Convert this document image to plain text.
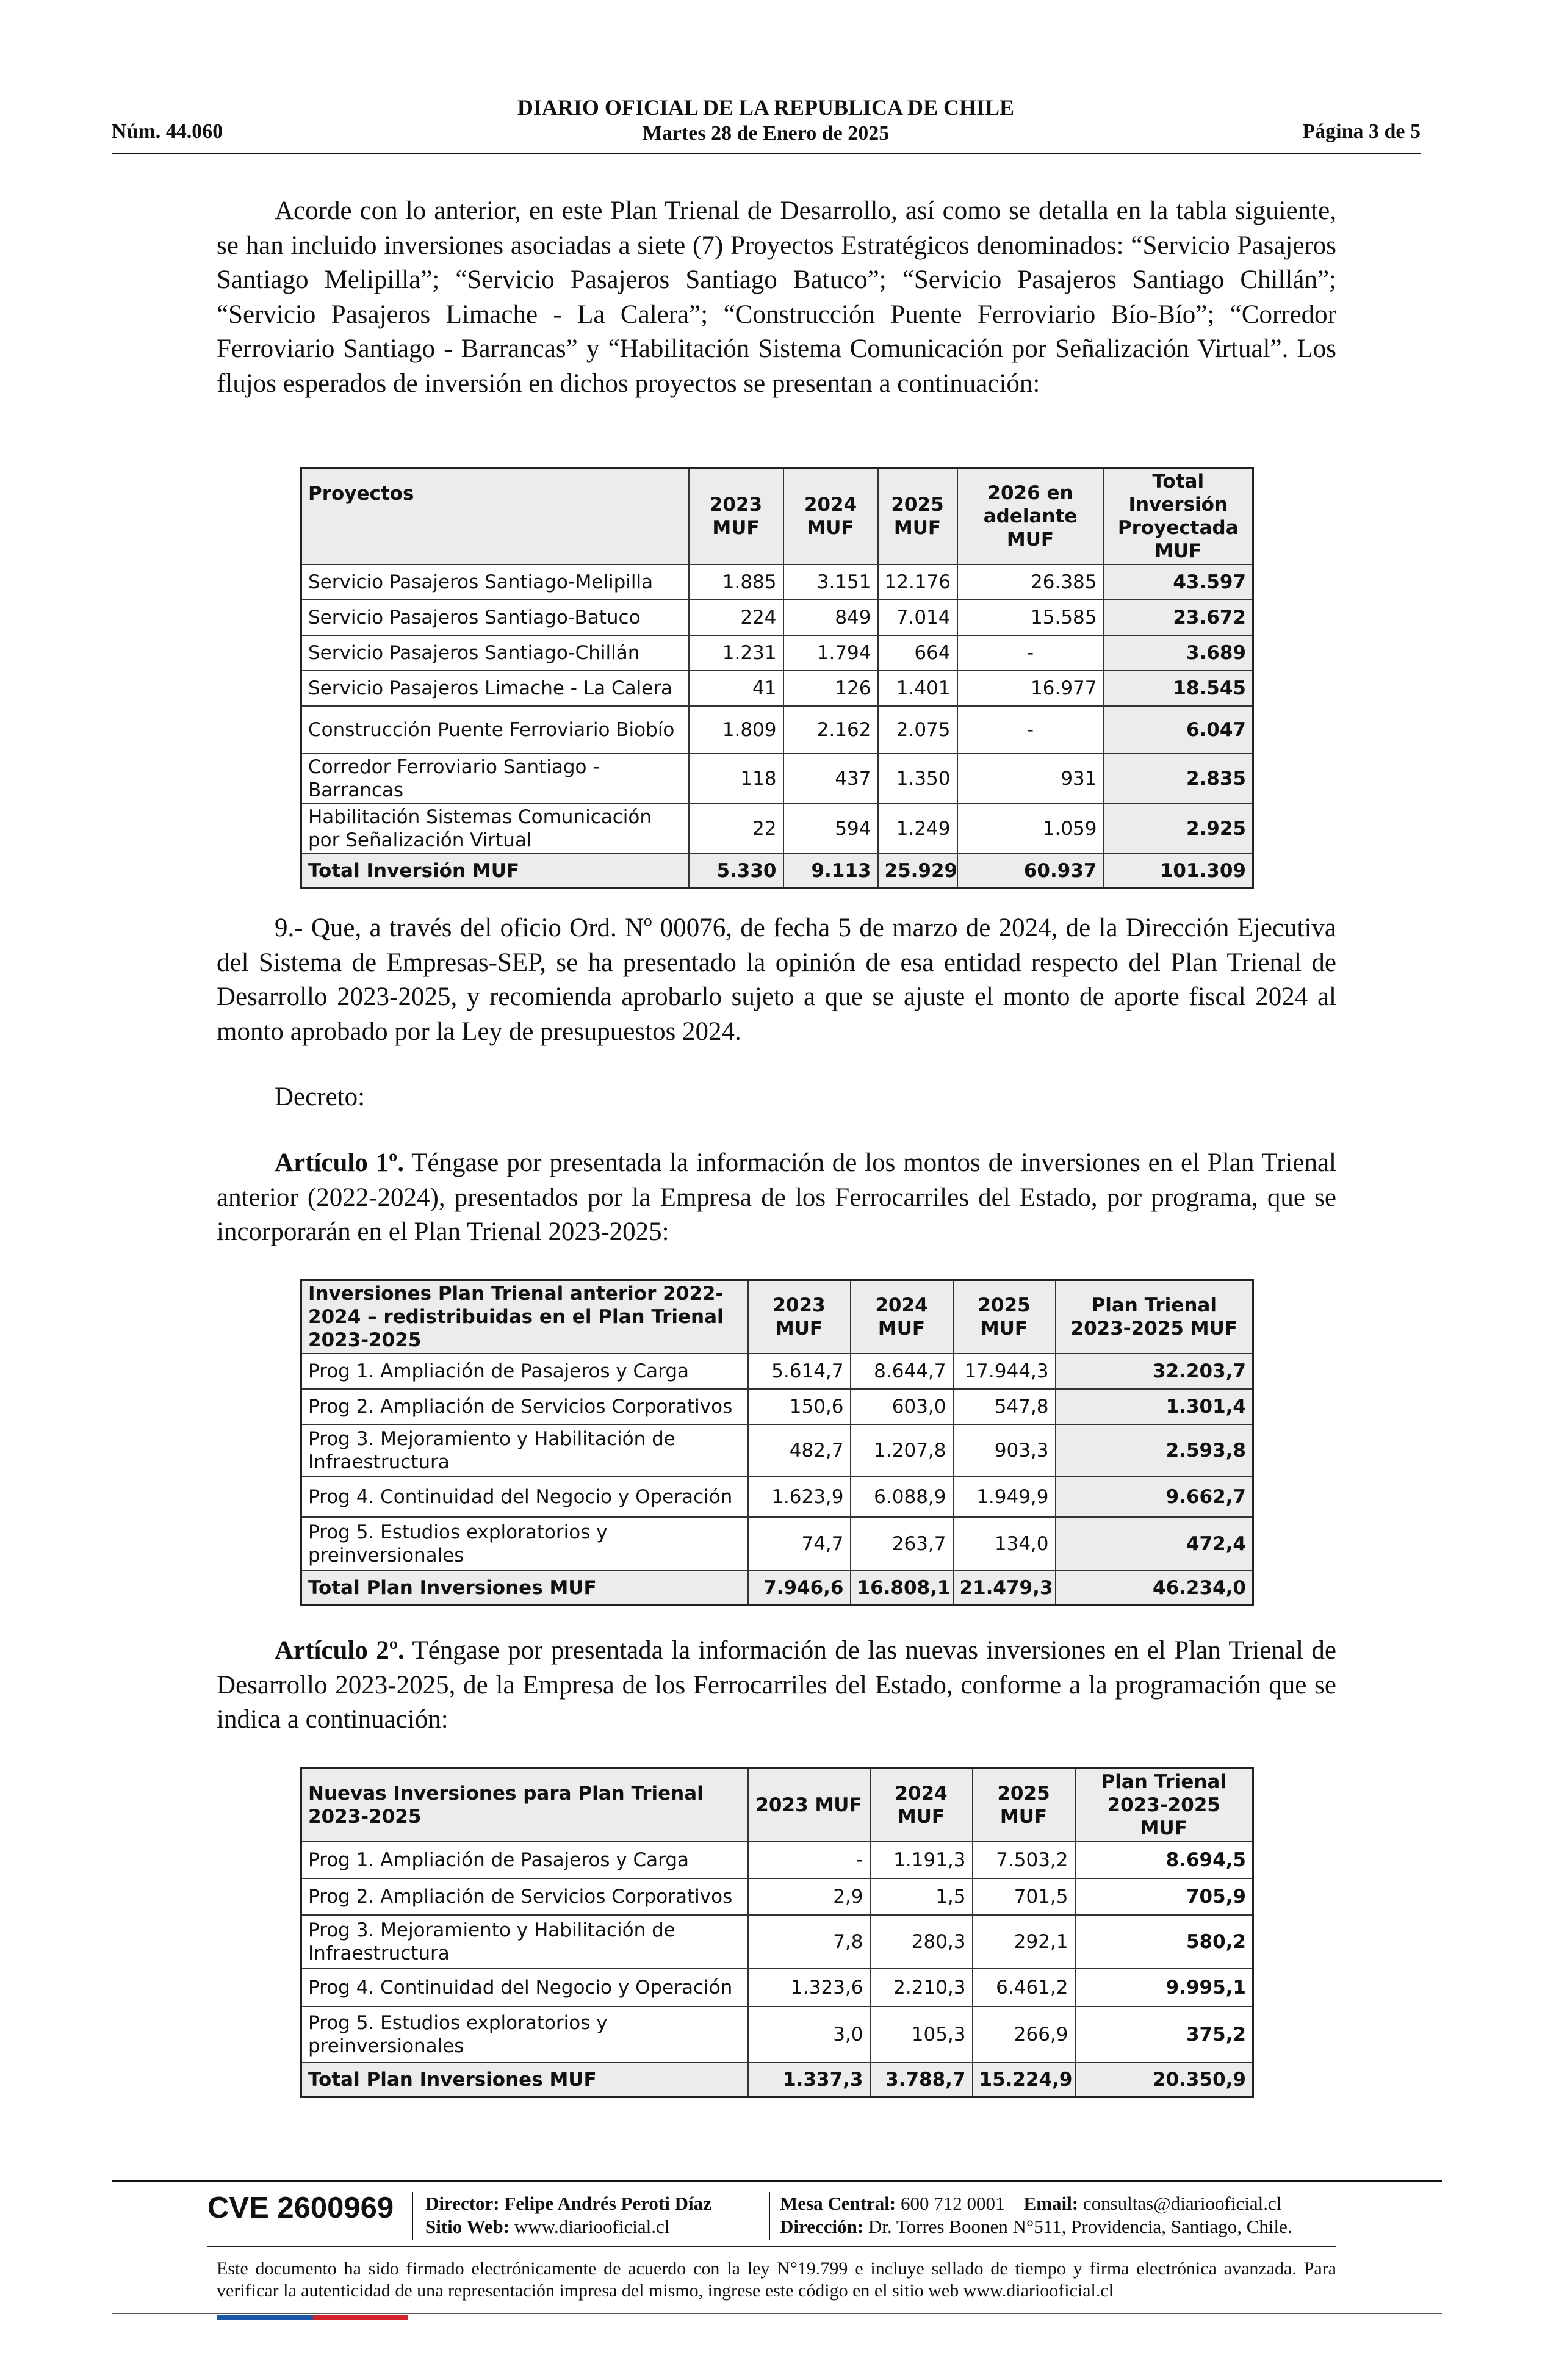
DIARIO OFICIAL DE LA REPUBLICA DE CHILE
Núm. 44.060	Martes 28 de Enero de 2025	Página 3 de 5

Acorde con lo anterior, en este Plan Trienal de Desarrollo, así como se detalla en la tabla siguiente, se han incluido inversiones asociadas a siete (7) Proyectos Estratégicos denominados: “Servicio Pasajeros Santiago Melipilla”; “Servicio Pasajeros Santiago Batuco”; “Servicio Pasajeros Santiago Chillán”; “Servicio Pasajeros Limache - La Calera”; “Construcción Puente Ferroviario Bío-Bío”; “Corredor Ferroviario Santiago - Barrancas” y “Habilitación Sistema Comunicación por Señalización Virtual”. Los flujos esperados de inversión en dichos proyectos se presentan a continuación:

Proyectos	2023 MUF	2024 MUF	2025 MUF	2026 en adelante MUF	Total Inversión Proyectada MUF
Servicio Pasajeros Santiago-Melipilla	1.885	3.151	12.176	26.385	43.597
Servicio Pasajeros Santiago-Batuco	224	849	7.014	15.585	23.672
Servicio Pasajeros Santiago-Chillán	1.231	1.794	664	-	3.689
Servicio Pasajeros Limache - La Calera	41	126	1.401	16.977	18.545
Construcción Puente Ferroviario Biobío	1.809	2.162	2.075	-	6.047
Corredor Ferroviario Santiago - Barrancas	118	437	1.350	931	2.835
Habilitación Sistemas Comunicación por Señalización Virtual	22	594	1.249	1.059	2.925
Total Inversión MUF	5.330	9.113	25.929	60.937	101.309

9.- Que, a través del oficio Ord. Nº 00076, de fecha 5 de marzo de 2024, de la Dirección Ejecutiva del Sistema de Empresas-SEP, se ha presentado la opinión de esa entidad respecto del Plan Trienal de Desarrollo 2023-2025, y recomienda aprobarlo sujeto a que se ajuste el monto de aporte fiscal 2024 al monto aprobado por la Ley de presupuestos 2024.

Decreto:

Artículo 1º. Téngase por presentada la información de los montos de inversiones en el Plan Trienal anterior (2022-2024), presentados por la Empresa de los Ferrocarriles del Estado, por programa, que se incorporarán en el Plan Trienal 2023-2025:

Inversiones Plan Trienal anterior 2022-2024 – redistribuidas en el Plan Trienal 2023-2025	2023 MUF	2024 MUF	2025 MUF	Plan Trienal 2023-2025 MUF
Prog 1. Ampliación de Pasajeros y Carga	5.614,7	8.644,7	17.944,3	32.203,7
Prog 2. Ampliación de Servicios Corporativos	150,6	603,0	547,8	1.301,4
Prog 3. Mejoramiento y Habilitación de Infraestructura	482,7	1.207,8	903,3	2.593,8
Prog 4. Continuidad del Negocio y Operación	1.623,9	6.088,9	1.949,9	9.662,7
Prog 5. Estudios exploratorios y preinversionales	74,7	263,7	134,0	472,4
Total Plan Inversiones MUF	7.946,6	16.808,1	21.479,3	46.234,0

Artículo 2º. Téngase por presentada la información de las nuevas inversiones en el Plan Trienal de Desarrollo 2023-2025, de la Empresa de los Ferrocarriles del Estado, conforme a la programación que se indica a continuación:

Nuevas Inversiones para Plan Trienal 2023-2025	2023 MUF	2024 MUF	2025 MUF	Plan Trienal 2023-2025 MUF
Prog 1. Ampliación de Pasajeros y Carga	-	1.191,3	7.503,2	8.694,5
Prog 2. Ampliación de Servicios Corporativos	2,9	1,5	701,5	705,9
Prog 3. Mejoramiento y Habilitación de Infraestructura	7,8	280,3	292,1	580,2
Prog 4. Continuidad del Negocio y Operación	1.323,6	2.210,3	6.461,2	9.995,1
Prog 5. Estudios exploratorios y preinversionales	3,0	105,3	266,9	375,2
Total Plan Inversiones MUF	1.337,3	3.788,7	15.224,9	20.350,9
CVE 2600969 Director: Felipe Andrés Peroti Díaz
Sitio Web: www.diariooficial.cl
Mesa Central: 600 712 0001 Email: consultas@diariooficial.cl
Dirección: Dr. Torres Boonen N°511, Providencia, Santiago, Chile.
Este documento ha sido firmado electrónicamente de acuerdo con la ley N°19.799 e incluye sellado de tiempo y firma electrónica avanzada. Para verificar la autenticidad de una representación impresa del mismo, ingrese este código en el sitio web www.diariooficial.cl
